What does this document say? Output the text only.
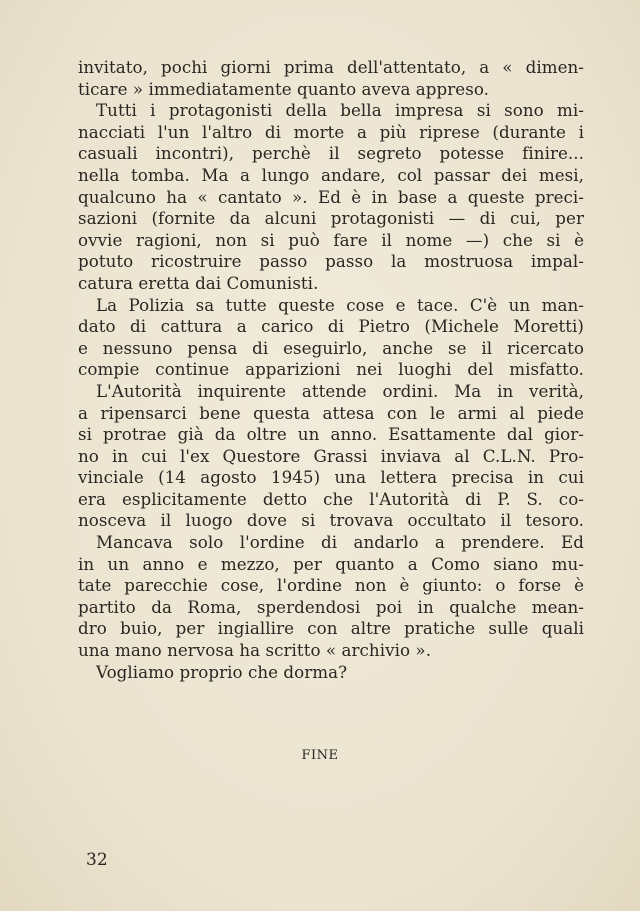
invitato, pochi giorni prima dell'attentato, a « dimen-
ticare » immediatamente quanto aveva appreso.
Tutti i protagonisti della bella impresa si sono mi-
nacciati l'un l'altro di morte a più riprese (durante i
casuali incontri), perchè il segreto potesse finire...
nella tomba. Ma a lungo andare, col passar dei mesi,
qualcuno ha « cantato ». Ed è in base a queste preci-
sazioni (fornite da alcuni protagonisti — di cui, per
ovvie ragioni, non si può fare il nome —) che si è
potuto ricostruire passo passo la mostruosa impal-
catura eretta dai Comunisti.
La Polizia sa tutte queste cose e tace. C'è un man-
dato di cattura a carico di Pietro (Michele Moretti)
e nessuno pensa di eseguirlo, anche se il ricercato
compie continue apparizioni nei luoghi del misfatto.
L'Autorità inquirente attende ordini. Ma in verità,
a ripensarci bene questa attesa con le armi al piede
si protrae già da oltre un anno. Esattamente dal gior-
no in cui l'ex Questore Grassi inviava al C.L.N. Pro-
vinciale (14 agosto 1945) una lettera precisa in cui
era esplicitamente detto che l'Autorità di P. S. co-
nosceva il luogo dove si trovava occultato il tesoro.
Mancava solo l'ordine di andarlo a prendere. Ed
in un anno e mezzo, per quanto a Como siano mu-
tate parecchie cose, l'ordine non è giunto: o forse è
partito da Roma, sperdendosi poi in qualche mean-
dro buio, per ingiallire con altre pratiche sulle quali
una mano nervosa ha scritto « archivio ».
Vogliamo proprio che dorma?
FINE
32
